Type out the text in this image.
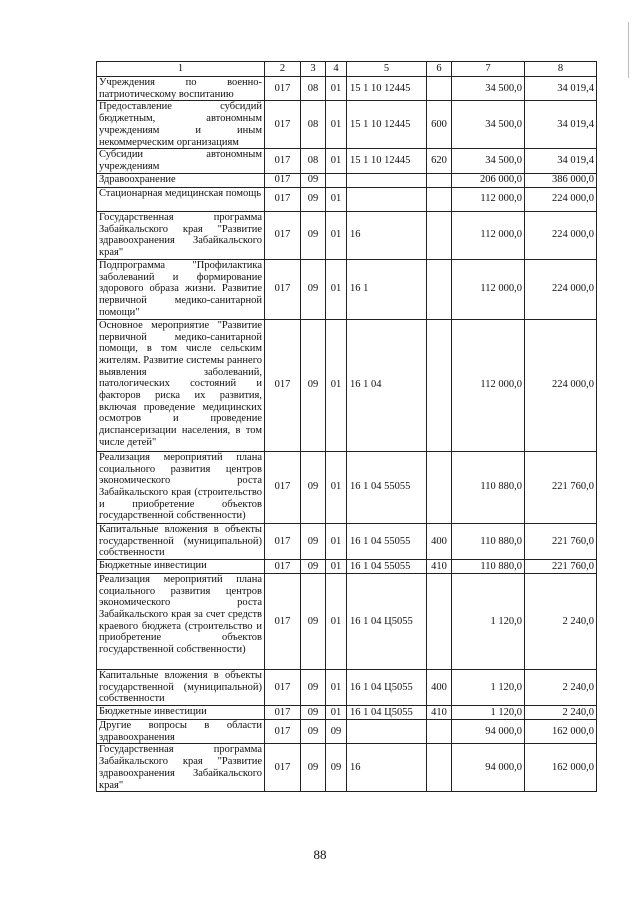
1	2	3	4	5	6	7	8
Учреждения по военно-патриотическому воспитанию	017	08	01	15 1 10 12445		34 500,0	34 019,4
Предоставление субсидий бюджетным, автономным учреждениям и иным некоммерческим организациям	017	08	01	15 1 10 12445	600	34 500,0	34 019,4
Субсидии автономным учреждениям	017	08	01	15 1 10 12445	620	34 500,0	34 019,4
Здравоохранение	017	09				206 000,0	386 000,0
Стационарная медицинская помощь	017	09	01			112 000,0	224 000,0
Государственная программа Забайкальского края "Развитие здравоохранения Забайкальского края"	017	09	01	16		112 000,0	224 000,0
Подпрограмма "Профилактика заболеваний и формирование здорового образа жизни. Развитие первичной медико-санитарной помощи"	017	09	01	16 1		112 000,0	224 000,0
Основное мероприятие "Развитие первичной медико-санитарной помощи, в том числе сельским жителям. Развитие системы раннего выявления заболеваний, патологических состояний и факторов риска их развития, включая проведение медицинских осмотров и проведение диспансеризации населения, в том числе детей"	017	09	01	16 1 04		112 000,0	224 000,0
Реализация мероприятий плана социального развития центров экономического роста Забайкальского края (строительство и приобретение объектов государственной собственности)	017	09	01	16 1 04 55055		110 880,0	221 760,0
Капитальные вложения в объекты государственной (муниципальной) собственности	017	09	01	16 1 04 55055	400	110 880,0	221 760,0
Бюджетные инвестиции	017	09	01	16 1 04 55055	410	110 880,0	221 760,0
Реализация мероприятий плана социального развития центров экономического роста Забайкальского края за счет средств краевого бюджета (строительство и приобретение объектов государственной собственности)	017	09	01	16 1 04 Ц5055		1 120,0	2 240,0
Капитальные вложения в объекты государственной (муниципальной) собственности	017	09	01	16 1 04 Ц5055	400	1 120,0	2 240,0
Бюджетные инвестиции	017	09	01	16 1 04 Ц5055	410	1 120,0	2 240,0
Другие вопросы в области здравоохранения	017	09	09			94 000,0	162 000,0
Государственная программа Забайкальского края "Развитие здравоохранения Забайкальского края"	017	09	09	16		94 000,0	162 000,0
88
